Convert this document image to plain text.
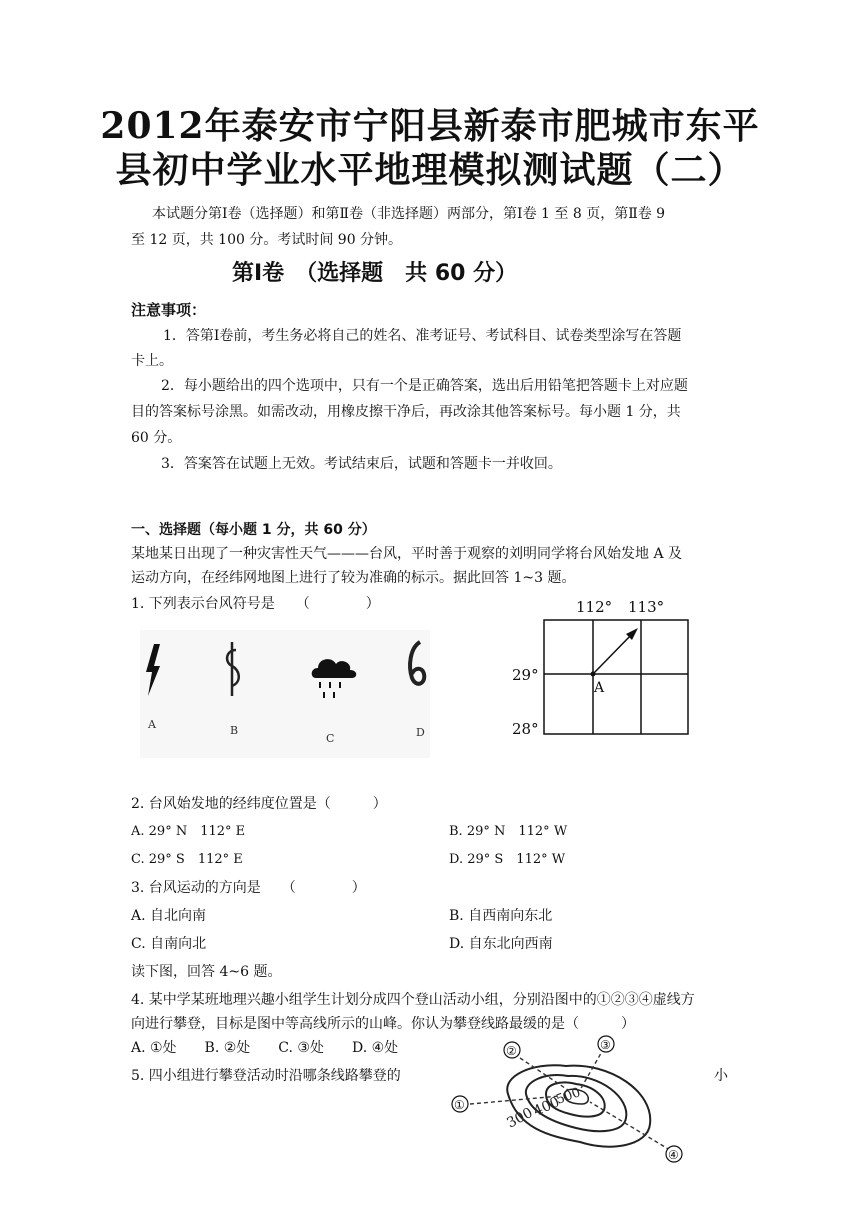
2012年泰安市宁阳县新泰市肥城市东平
县初中学业水平地理模拟测试题（二）
本试题分第Ⅰ卷（选择题）和第Ⅱ卷（非选择题）两部分，第Ⅰ卷 1 至 8 页，第Ⅱ卷 9
至 12 页，共 100 分。考试时间 90 分钟。
第Ⅰ卷　（选择题　共 60 分）
注意事项：
1．答第Ⅰ卷前，考生务必将自己的姓名、准考证号、考试科目、试卷类型涂写在答题
卡上。
2．每小题给出的四个选项中，只有一个是正确答案，选出后用铅笔把答题卡上对应题
目的答案标号涂黑。如需改动，用橡皮擦干净后，再改涂其他答案标号。每小题 1 分，共
60 分。
3．答案答在试题上无效。考试结束后，试题和答题卡一并收回。
一、选择题（每小题 1 分，共 60 分）
某地某日出现了一种灾害性天气———台风，平时善于观察的刘明同学将台风始发地 A 及
运动方向，在经纬网地图上进行了较为准确的标示。据此回答 1~3 题。
1. 下列表示台风符号是　　（　　　　）
A	B
C	D
112° 113°
29°
28°
A
2. 台风始发地的经纬度位置是（　　　）
A. 29° N　112° E	B. 29° N　112° W
C. 29° S　112° E	D. 29° S　112° W
3. 台风运动的方向是　　（　　　　）
A. 自北向南	B. 自西南向东北
C. 自南向北	D. 自东北向西南
读下图，回答 4~6 题。
4. 某中学某班地理兴趣小组学生计划分成四个登山活动小组，分别沿图中的①②③④虚线方
向进行攀登，目标是图中等高线所示的山峰。你认为攀登线路最缓的是（　　　）
A. ①处　　B. ②处　　C. ③处　　D. ④处
5. 四小组进行攀登活动时沿哪条线路攀登的	小
①
②	③
④
300
400
500
